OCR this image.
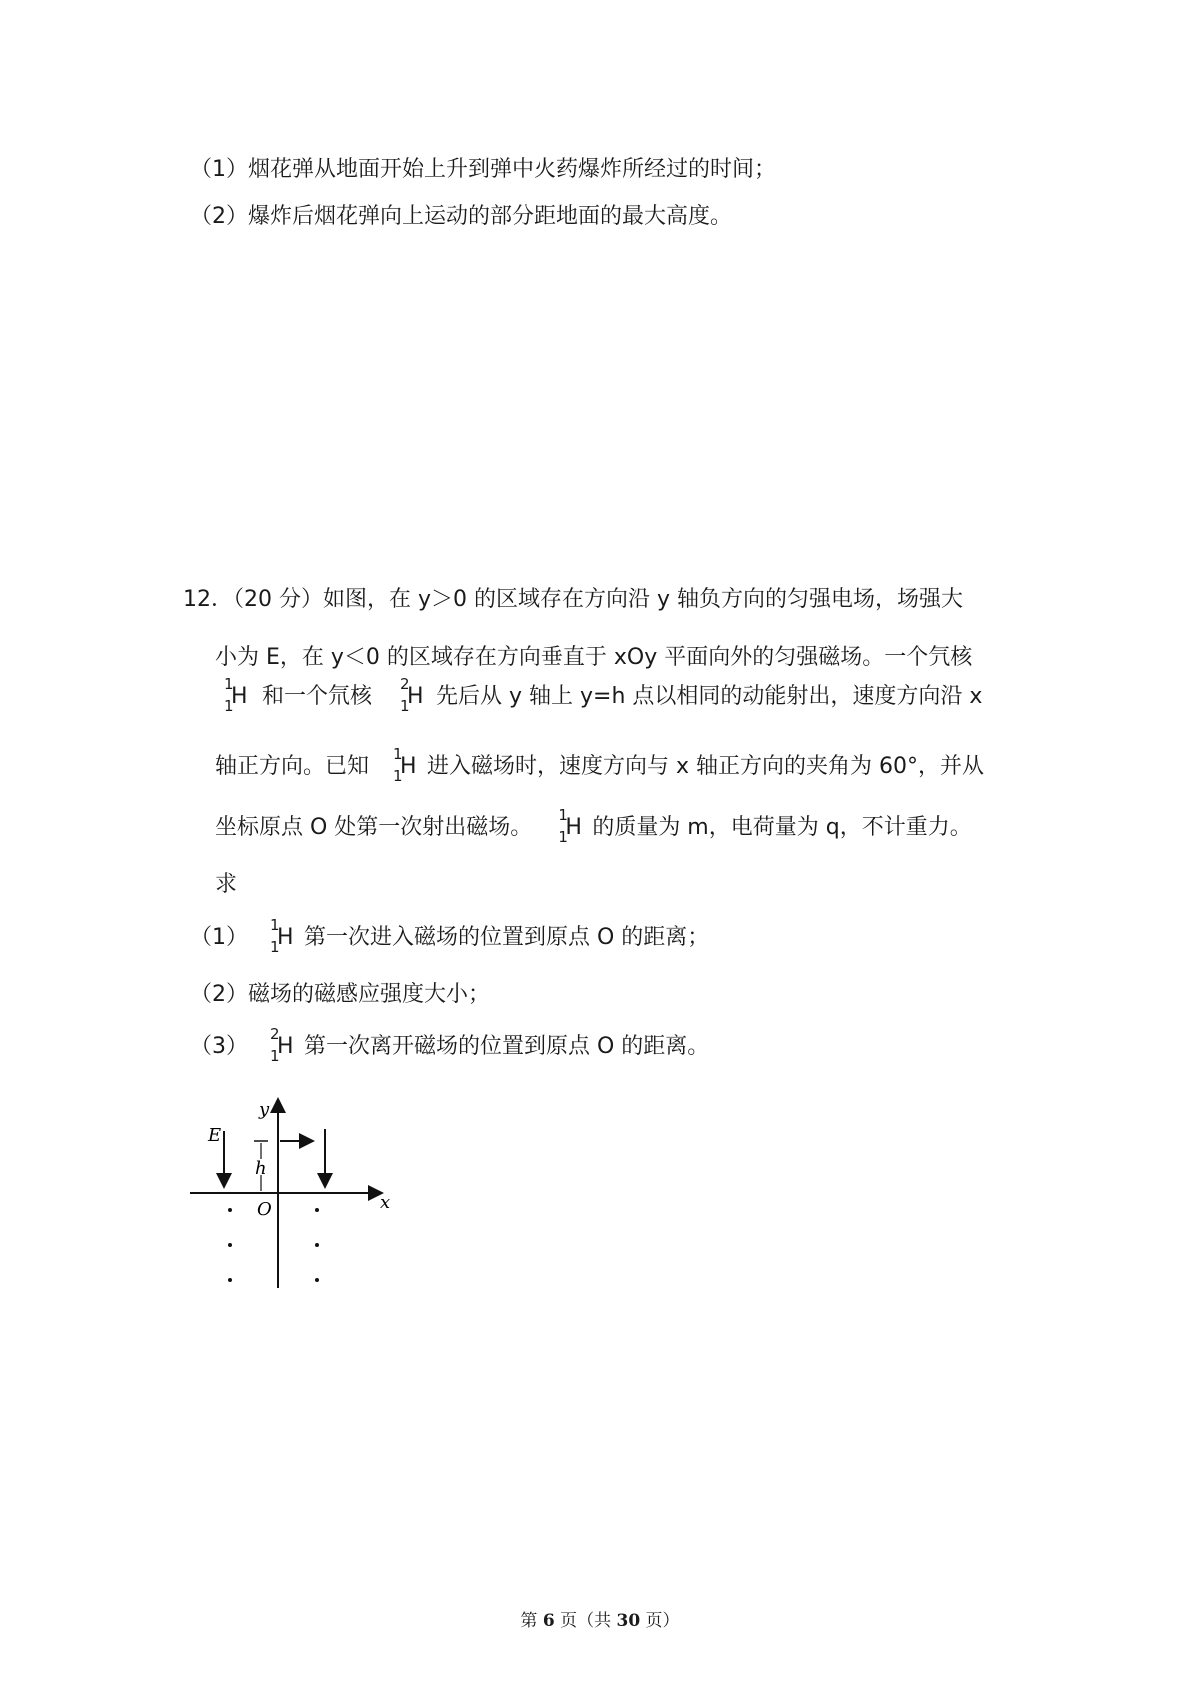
（1）烟花弹从地面开始上升到弹中火药爆炸所经过的时间；
（2）爆炸后烟花弹向上运动的部分距地面的最大高度。
12．（20 分）如图，在 y＞0 的区域存在方向沿 y 轴负方向的匀强电场，场强大
小为 E，在 y＜0 的区域存在方向垂直于 xOy 平面向外的匀强磁场。一个氕核
1
1
H 和一个氘核 2
1
H 先后从 y 轴上 y=h 点以相同的动能射出，速度方向沿 x
轴正方向。已知 1
1
H 进入磁场时，速度方向与 x 轴正方向的夹角为 60°，并从
坐标原点 O 处第一次射出磁场。 1
1
H 的质量为 m，电荷量为 q，不计重力。
求
（1） 1
1
H 第一次进入磁场的位置到原点 O 的距离；
（2）磁场的磁感应强度大小；
（3） 2
1
H 第一次离开磁场的位置到原点 O 的距离。
y
x
O
E
h
第 6 页（共 30 页）
